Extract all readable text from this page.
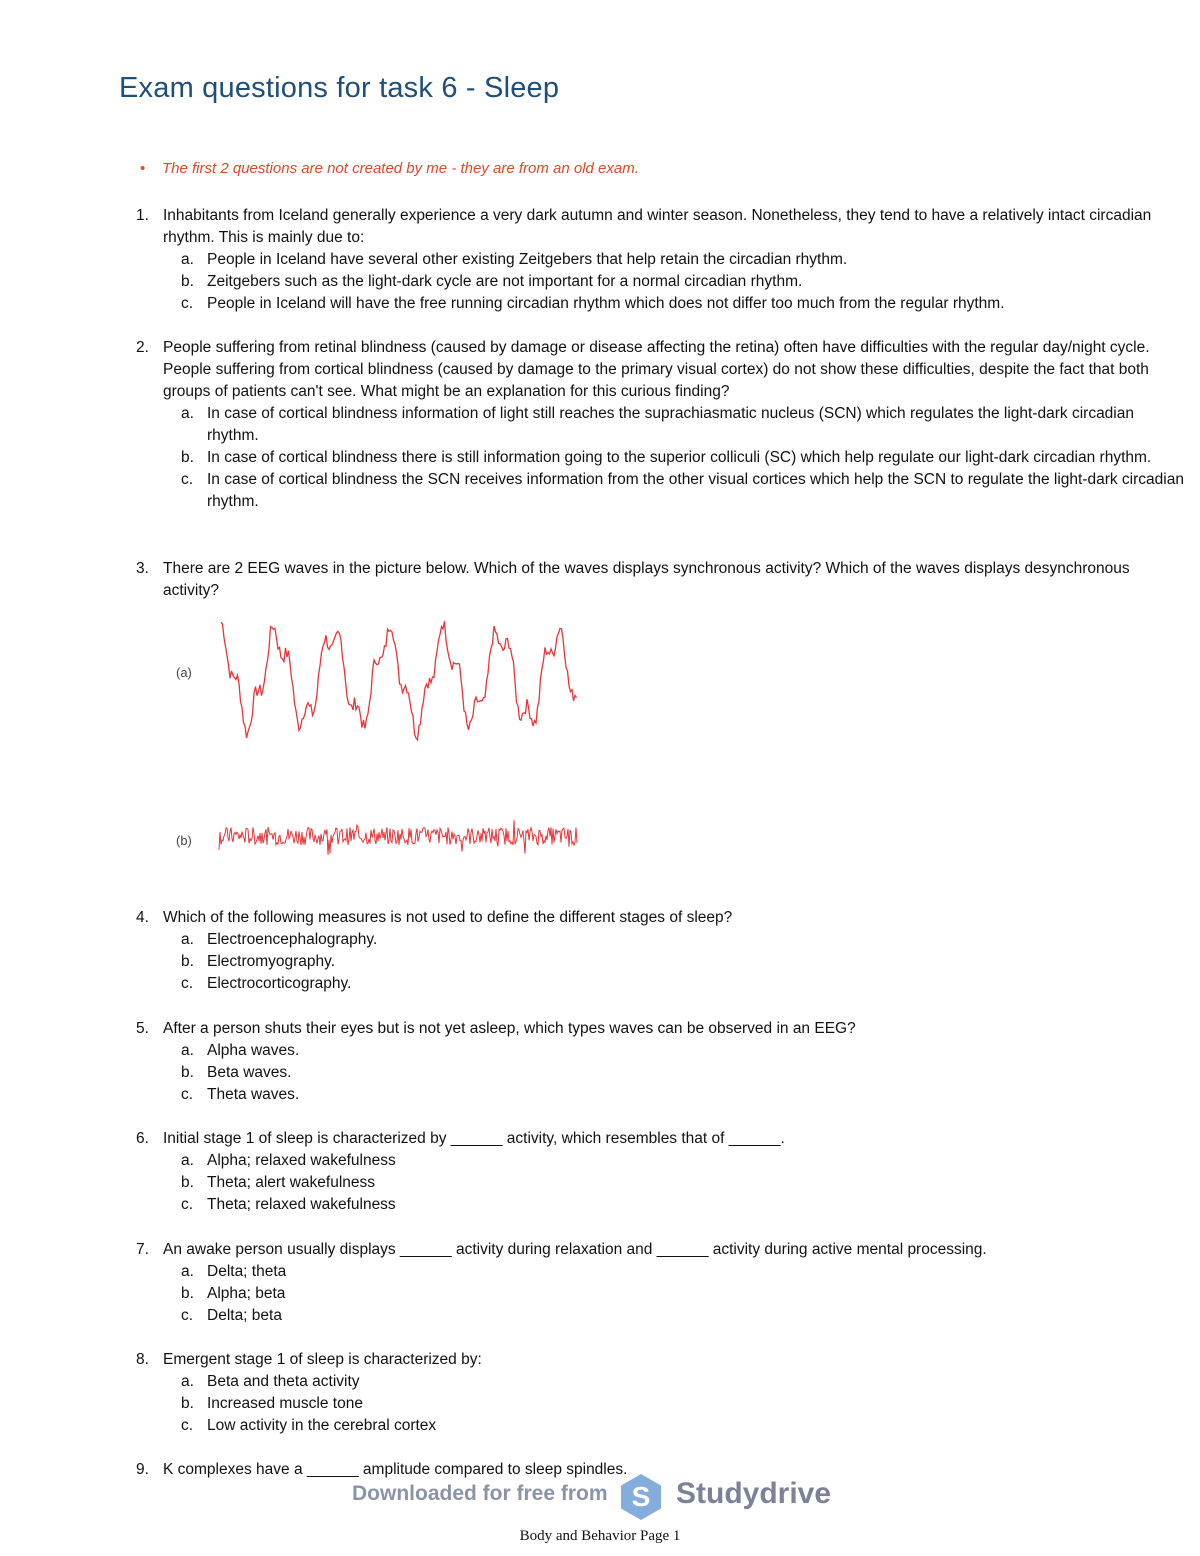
Exam questions for task 6 - Sleep
• The first 2 questions are not created by me - they are from an old exam.
1. Inhabitants from Iceland generally experience a very dark autumn and winter season. Nonetheless, they tend to have a relatively intact circadian rhythm. This is mainly due to:
a. People in Iceland have several other existing Zeitgebers that help retain the circadian rhythm.
b. Zeitgebers such as the light-dark cycle are not important for a normal circadian rhythm.
c. People in Iceland will have the free running circadian rhythm which does not differ too much from the regular rhythm.
2. People suffering from retinal blindness (caused by damage or disease affecting the retina) often have difficulties with the regular day/night cycle. People suffering from cortical blindness (caused by damage to the primary visual cortex) do not show these difficulties, despite the fact that both groups of patients can't see. What might be an explanation for this curious finding?
a. In case of cortical blindness information of light still reaches the suprachiasmatic nucleus (SCN) which regulates the light-dark circadian rhythm.
b. In case of cortical blindness there is still information going to the superior colliculi (SC) which help regulate our light-dark circadian rhythm.
c. In case of cortical blindness the SCN receives information from the other visual cortices which help the SCN to regulate the light-dark circadian rhythm.
3. There are 2 EEG waves in the picture below. Which of the waves displays synchronous activity? Which of the waves displays desynchronous activity?
(a)
(b)
4. Which of the following measures is not used to define the different stages of sleep?
a. Electroencephalography.
b. Electromyography.
c. Electrocorticography.
5. After a person shuts their eyes but is not yet asleep, which types waves can be observed in an EEG?
a. Alpha waves.
b. Beta waves.
c. Theta waves.
6. Initial stage 1 of sleep is characterized by ______ activity, which resembles that of ______.
a. Alpha; relaxed wakefulness
b. Theta; alert wakefulness
c. Theta; relaxed wakefulness
7. An awake person usually displays ______ activity during relaxation and ______ activity during active mental processing.
a. Delta; theta
b. Alpha; beta
c. Delta; beta
8. Emergent stage 1 of sleep is characterized by:
a. Beta and theta activity
b. Increased muscle tone
c. Low activity in the cerebral cortex
9. K complexes have a ______ amplitude compared to sleep spindles.
Downloaded for free from S Studydrive
Body and Behavior Page 1
